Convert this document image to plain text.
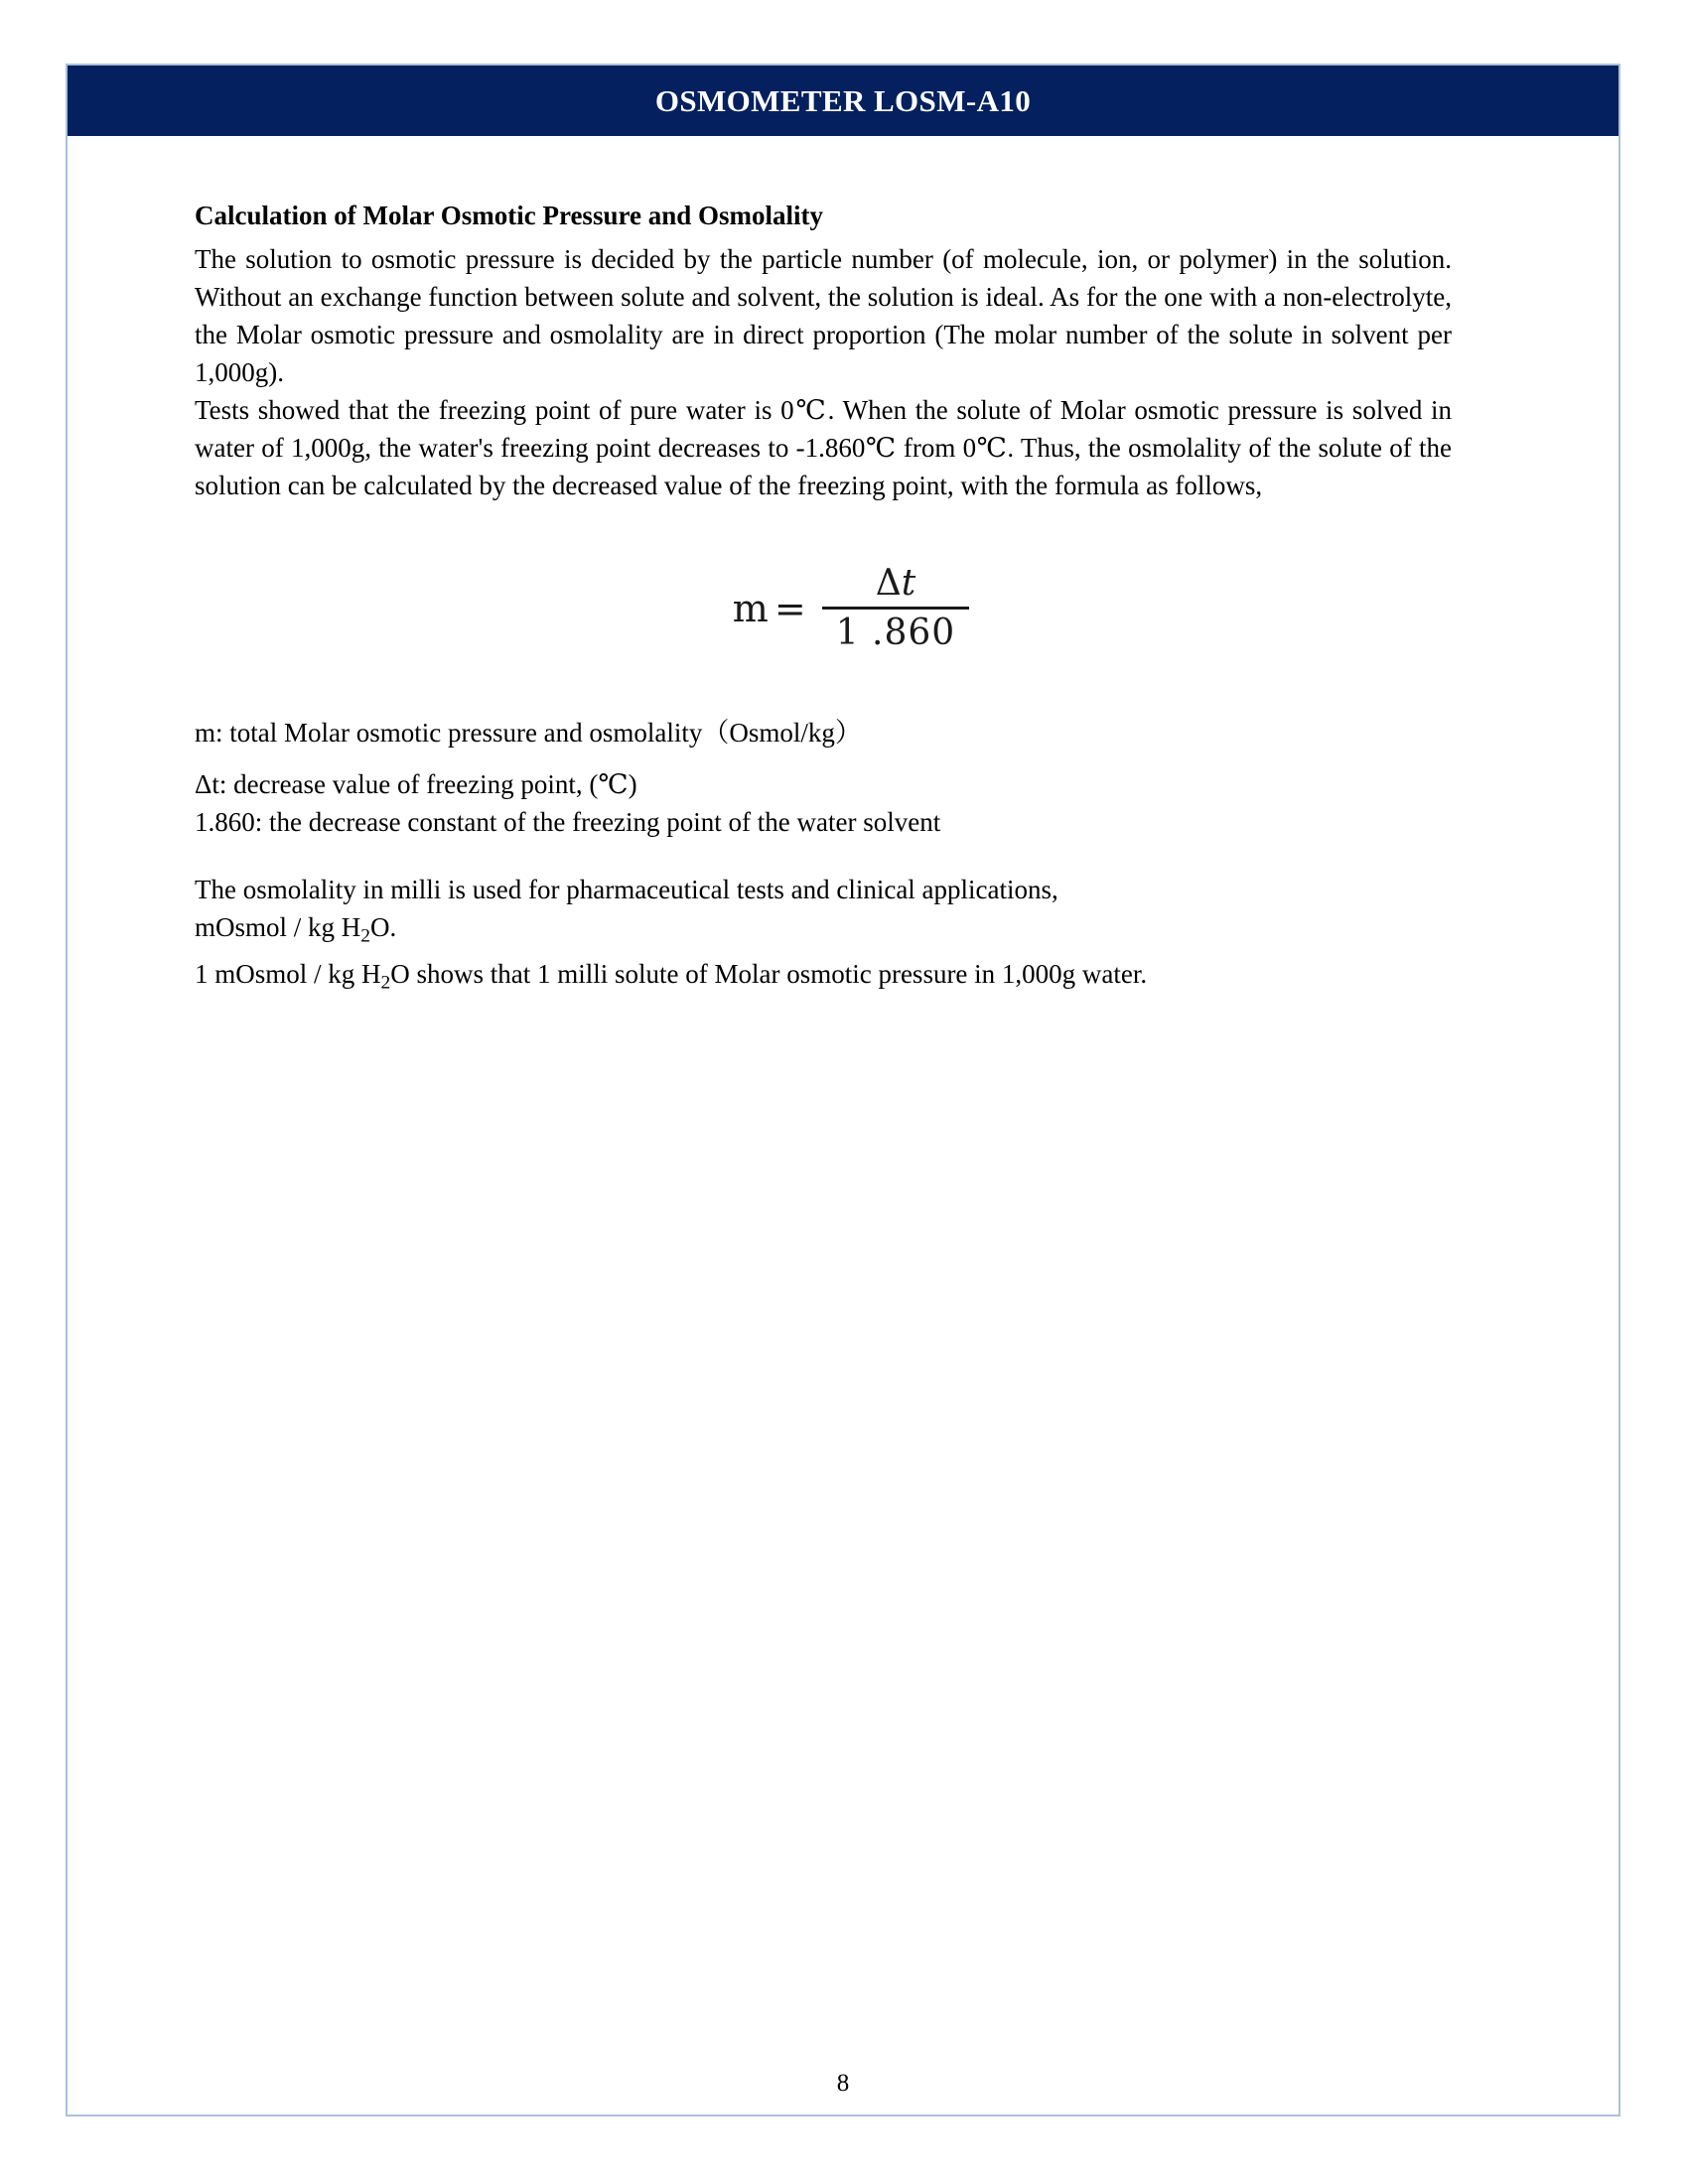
OSMOMETER LOSM-A10
Calculation of Molar Osmotic Pressure and Osmolality

The solution to osmotic pressure is decided by the particle number (of molecule, ion, or polymer) in the solution. Without an exchange function between solute and solvent, the solution is ideal. As for the one with a non-electrolyte, the Molar osmotic pressure and osmolality are in direct proportion (The molar number of the solute in solvent per 1,000g).

Tests showed that the freezing point of pure water is 0℃. When the solute of Molar osmotic pressure is solved in water of 1,000g, the water's freezing point decreases to -1.860℃ from 0℃. Thus, the osmolality of the solute of the solution can be calculated by the decreased value of the freezing point, with the formula as follows,

$m = \frac{\Delta t}{1 .860}$

m: total Molar osmotic pressure and osmolality（Osmol/kg）

Δt: decrease value of freezing point, (℃)

1.860: the decrease constant of the freezing point of the water solvent

The osmolality in milli is used for pharmaceutical tests and clinical applications,

mOsmol / kg $H_2O$.

1 mOsmol / kg $H_2O$ shows that 1 milli solute of Molar osmotic pressure in 1,000g water.

8
